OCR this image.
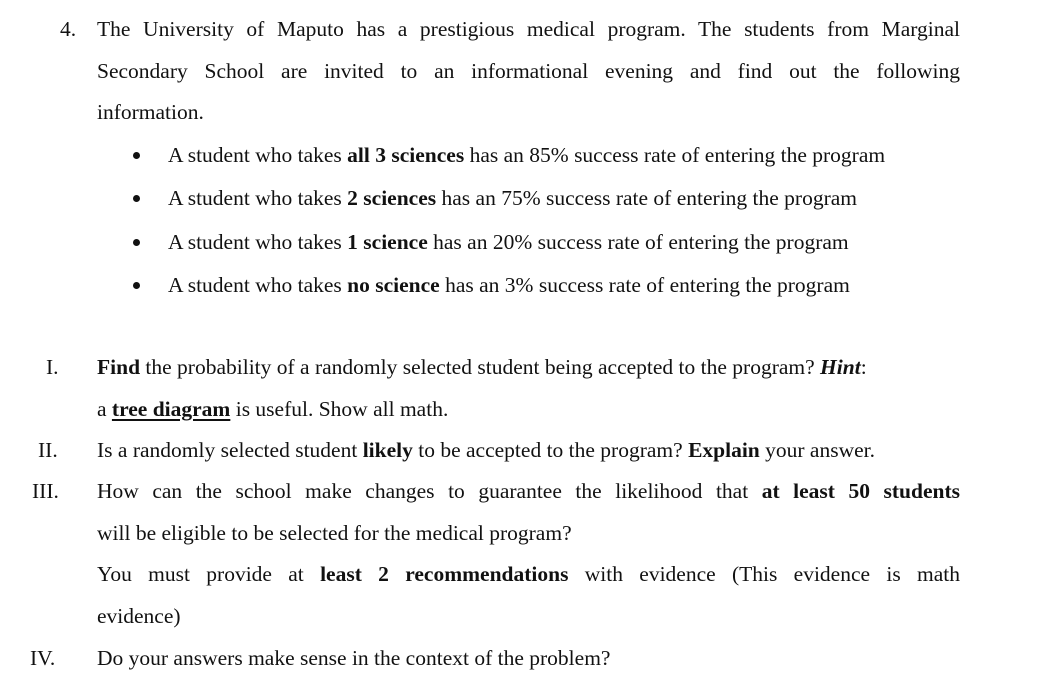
4. The University of Maputo has a prestigious medical program. The students from Marginal
Secondary School are invited to an informational evening and find out the following
information.
A student who takes all 3 sciences has an 85% success rate of entering the program
A student who takes 2 sciences has an 75% success rate of entering the program
A student who takes 1 science has an 20% success rate of entering the program
A student who takes no science has an 3% success rate of entering the program
I. Find the probability of a randomly selected student being accepted to the program? Hint:
a tree diagram is useful. Show all math.
II. Is a randomly selected student likely to be accepted to the program? Explain your answer.
III. How can the school make changes to guarantee the likelihood that at least 50 students
will be eligible to be selected for the medical program?
You must provide at least 2 recommendations with evidence (This evidence is math
evidence)
IV. Do your answers make sense in the context of the problem?
